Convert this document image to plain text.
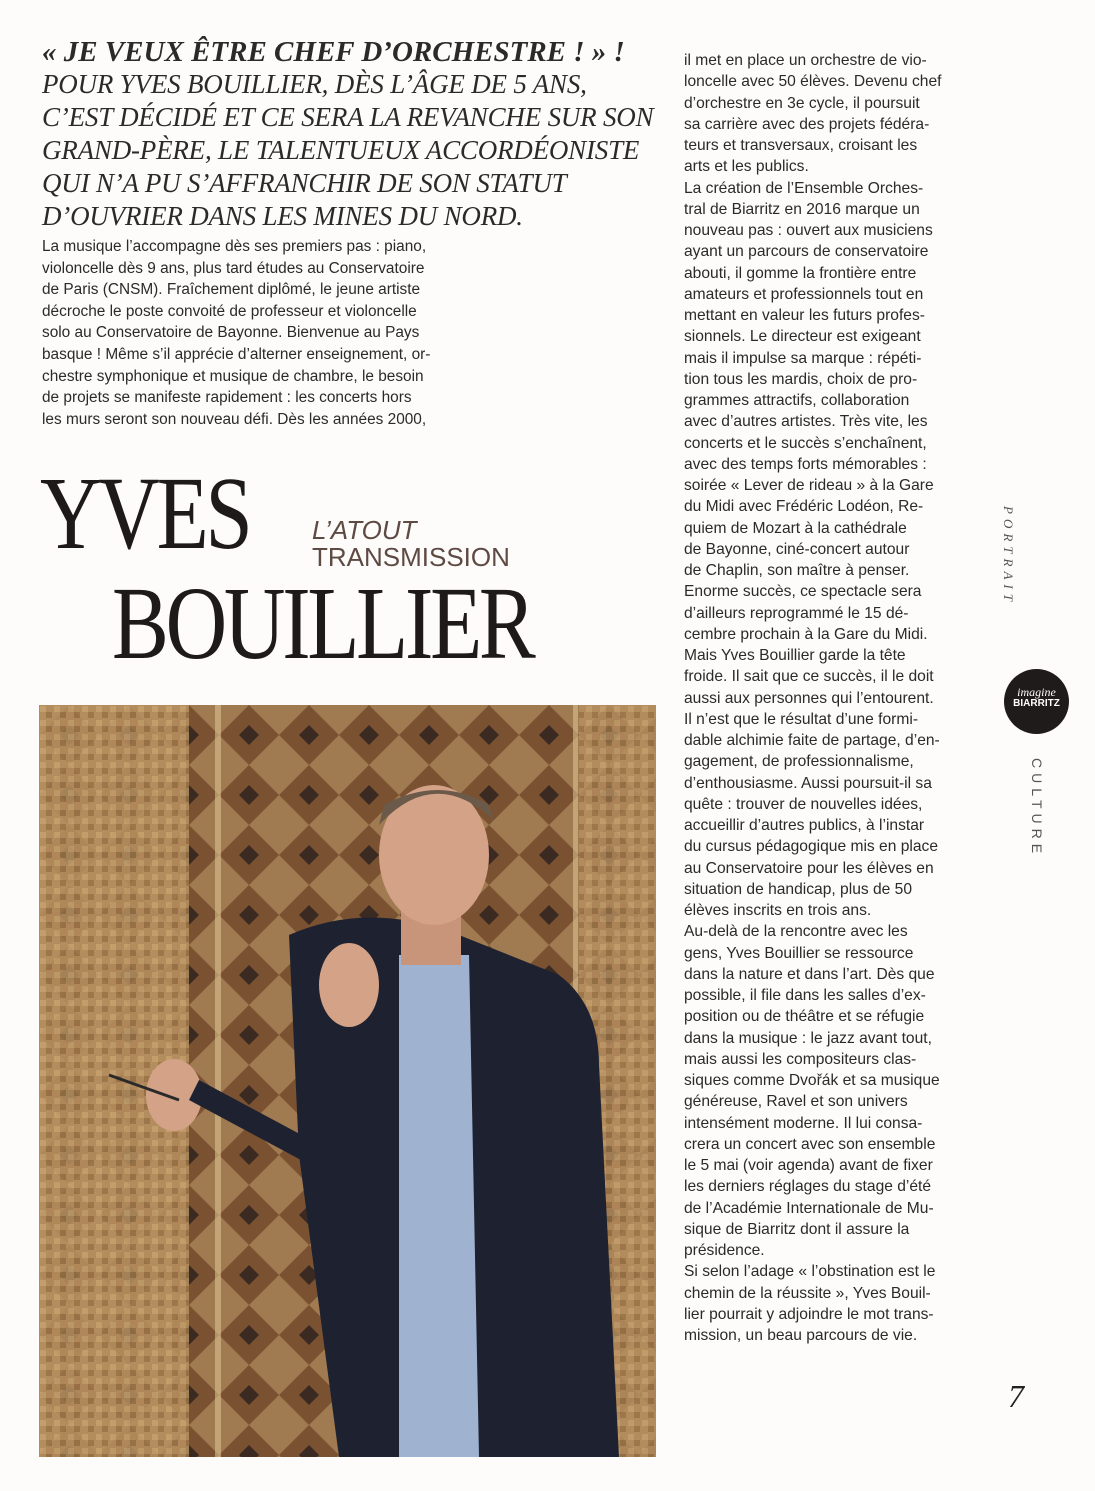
« JE VEUX ÊTRE CHEF D’ORCHESTRE ! » !
POUR YVES BOUILLIER, DÈS L’ÂGE DE 5 ANS,
C’EST DÉCIDÉ ET CE SERA LA REVANCHE SUR SON
GRAND-PÈRE, LE TALENTUEUX ACCORDÉONISTE
QUI N’A PU S’AFFRANCHIR DE SON STATUT
D’OUVRIER DANS LES MINES DU NORD.
La musique l’accompagne dès ses premiers pas : piano,
violoncelle dès 9 ans, plus tard études au Conservatoire
de Paris (CNSM). Fraîchement diplômé, le jeune artiste
décroche le poste convoité de professeur et violoncelle
solo au Conservatoire de Bayonne. Bienvenue au Pays
basque ! Même s’il apprécie d’alterner enseignement, or-
chestre symphonique et musique de chambre, le besoin
de projets se manifeste rapidement : les concerts hors
les murs seront son nouveau défi. Dès les années 2000,
YVES L’ATOUT
TRANSMISSION
BOUILLIER
il met en place un orchestre de vio-
loncelle avec 50 élèves. Devenu chef
d’orchestre en 3e cycle, il poursuit
sa carrière avec des projets fédéra-
teurs et transversaux, croisant les
arts et les publics.
La création de l’Ensemble Orches-
tral de Biarritz en 2016 marque un
nouveau pas : ouvert aux musiciens
ayant un parcours de conservatoire
abouti, il gomme la frontière entre
amateurs et professionnels tout en
mettant en valeur les futurs profes-
sionnels. Le directeur est exigeant
mais il impulse sa marque : répéti-
tion tous les mardis, choix de pro-
grammes attractifs, collaboration
avec d’autres artistes. Très vite, les
concerts et le succès s’enchaînent,
avec des temps forts mémorables :
soirée « Lever de rideau » à la Gare
du Midi avec Frédéric Lodéon, Re-
quiem de Mozart à la cathédrale
de Bayonne, ciné-concert autour
de Chaplin, son maître à penser.
Enorme succès, ce spectacle sera
d’ailleurs reprogrammé le 15 dé-
cembre prochain à la Gare du Midi.
Mais Yves Bouillier garde la tête
froide. Il sait que ce succès, il le doit
aussi aux personnes qui l’entourent.
Il n’est que le résultat d’une formi-
dable alchimie faite de partage, d’en-
gagement, de professionnalisme,
d’enthousiasme. Aussi poursuit-il sa
quête : trouver de nouvelles idées,
accueillir d’autres publics, à l’instar
du cursus pédagogique mis en place
au Conservatoire pour les élèves en
situation de handicap, plus de 50
élèves inscrits en trois ans.
Au-delà de la rencontre avec les
gens, Yves Bouillier se ressource
dans la nature et dans l’art. Dès que
possible, il file dans les salles d’ex-
position ou de théâtre et se réfugie
dans la musique : le jazz avant tout,
mais aussi les compositeurs clas-
siques comme Dvořák et sa musique
généreuse, Ravel et son univers
intensément moderne. Il lui consa-
crera un concert avec son ensemble
le 5 mai (voir agenda) avant de fixer
les derniers réglages du stage d’été
de l’Académie Internationale de Mu-
sique de Biarritz dont il assure la
présidence.
Si selon l’adage « l’obstination est le
chemin de la réussite », Yves Bouil-
lier pourrait y adjoindre le mot trans-
mission, un beau parcours de vie.
PORTRAIT
imagine
BIARRITZ
CULTURE
7
